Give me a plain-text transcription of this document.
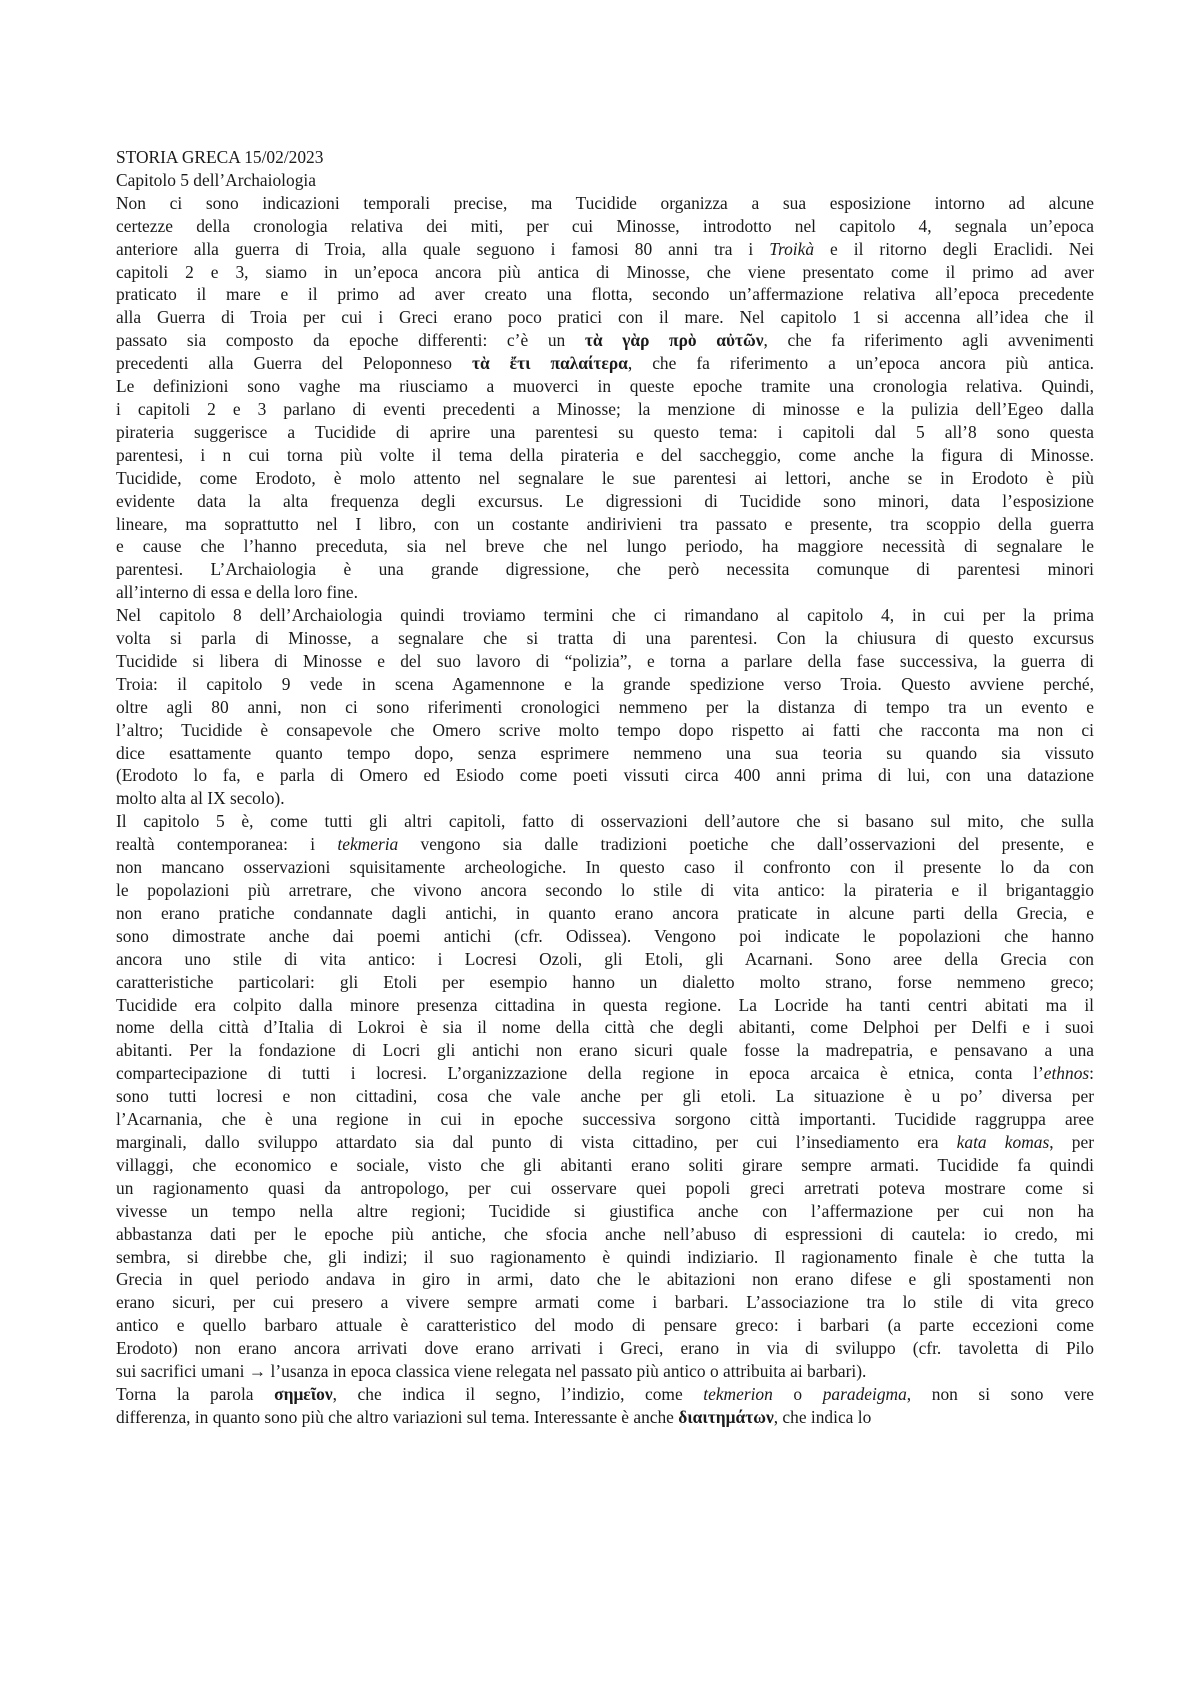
STORIA GRECA 15/02/2023
Capitolo 5 dell’Archaiologia
Non ci sono indicazioni temporali precise, ma Tucidide organizza a sua esposizione intorno ad alcune
certezze della cronologia relativa dei miti, per cui Minosse, introdotto nel capitolo 4, segnala un’epoca
anteriore alla guerra di Troia, alla quale seguono i famosi 80 anni tra i Troikà e il ritorno degli Eraclidi. Nei
capitoli 2 e 3, siamo in un’epoca ancora più antica di Minosse, che viene presentato come il primo ad aver
praticato il mare e il primo ad aver creato una flotta, secondo un’affermazione relativa all’epoca precedente
alla Guerra di Troia per cui i Greci erano poco pratici con il mare. Nel capitolo 1 si accenna all’idea che il
passato sia composto da epoche differenti: c’è un τὰ γὰρ πρὸ αὐτῶν, che fa riferimento agli avvenimenti
precedenti alla Guerra del Peloponneso τὰ ἔτι παλαίτερα, che fa riferimento a un’epoca ancora più antica.
Le definizioni sono vaghe ma riusciamo a muoverci in queste epoche tramite una cronologia relativa. Quindi,
i capitoli 2 e 3 parlano di eventi precedenti a Minosse; la menzione di minosse e la pulizia dell’Egeo dalla
pirateria suggerisce a Tucidide di aprire una parentesi su questo tema: i capitoli dal 5 all’8 sono questa
parentesi, i n cui torna più volte il tema della pirateria e del saccheggio, come anche la figura di Minosse.
Tucidide, come Erodoto, è molo attento nel segnalare le sue parentesi ai lettori, anche se in Erodoto è più
evidente data la alta frequenza degli excursus. Le digressioni di Tucidide sono minori, data l’esposizione
lineare, ma soprattutto nel I libro, con un costante andirivieni tra passato e presente, tra scoppio della guerra
e cause che l’hanno preceduta, sia nel breve che nel lungo periodo, ha maggiore necessità di segnalare le
parentesi. L’Archaiologia è una grande digressione, che però necessita comunque di parentesi minori
all’interno di essa e della loro fine.
Nel capitolo 8 dell’Archaiologia quindi troviamo termini che ci rimandano al capitolo 4, in cui per la prima
volta si parla di Minosse, a segnalare che si tratta di una parentesi. Con la chiusura di questo excursus
Tucidide si libera di Minosse e del suo lavoro di “polizia”, e torna a parlare della fase successiva, la guerra di
Troia: il capitolo 9 vede in scena Agamennone e la grande spedizione verso Troia. Questo avviene perché,
oltre agli 80 anni, non ci sono riferimenti cronologici nemmeno per la distanza di tempo tra un evento e
l’altro; Tucidide è consapevole che Omero scrive molto tempo dopo rispetto ai fatti che racconta ma non ci
dice esattamente quanto tempo dopo, senza esprimere nemmeno una sua teoria su quando sia vissuto
(Erodoto lo fa, e parla di Omero ed Esiodo come poeti vissuti circa 400 anni prima di lui, con una datazione
molto alta al IX secolo).
Il capitolo 5 è, come tutti gli altri capitoli, fatto di osservazioni dell’autore che si basano sul mito, che sulla
realtà contemporanea: i tekmeria vengono sia dalle tradizioni poetiche che dall’osservazioni del presente, e
non mancano osservazioni squisitamente archeologiche. In questo caso il confronto con il presente lo da con
le popolazioni più arretrare, che vivono ancora secondo lo stile di vita antico: la pirateria e il brigantaggio
non erano pratiche condannate dagli antichi, in quanto erano ancora praticate in alcune parti della Grecia, e
sono dimostrate anche dai poemi antichi (cfr. Odissea). Vengono poi indicate le popolazioni che hanno
ancora uno stile di vita antico: i Locresi Ozoli, gli Etoli, gli Acarnani. Sono aree della Grecia con
caratteristiche particolari: gli Etoli per esempio hanno un dialetto molto strano, forse nemmeno greco;
Tucidide era colpito dalla minore presenza cittadina in questa regione. La Locride ha tanti centri abitati ma il
nome della città d’Italia di Lokroi è sia il nome della città che degli abitanti, come Delphoi per Delfi e i suoi
abitanti. Per la fondazione di Locri gli antichi non erano sicuri quale fosse la madrepatria, e pensavano a una
compartecipazione di tutti i locresi. L’organizzazione della regione in epoca arcaica è etnica, conta l’ethnos:
sono tutti locresi e non cittadini, cosa che vale anche per gli etoli. La situazione è u po’ diversa per
l’Acarnania, che è una regione in cui in epoche successiva sorgono città importanti. Tucidide raggruppa aree
marginali, dallo sviluppo attardato sia dal punto di vista cittadino, per cui l’insediamento era kata komas, per
villaggi, che economico e sociale, visto che gli abitanti erano soliti girare sempre armati. Tucidide fa quindi
un ragionamento quasi da antropologo, per cui osservare quei popoli greci arretrati poteva mostrare come si
vivesse un tempo nella altre regioni; Tucidide si giustifica anche con l’affermazione per cui non ha
abbastanza dati per le epoche più antiche, che sfocia anche nell’abuso di espressioni di cautela: io credo, mi
sembra, si direbbe che, gli indizi; il suo ragionamento è quindi indiziario. Il ragionamento finale è che tutta la
Grecia in quel periodo andava in giro in armi, dato che le abitazioni non erano difese e gli spostamenti non
erano sicuri, per cui presero a vivere sempre armati come i barbari. L’associazione tra lo stile di vita greco
antico e quello barbaro attuale è caratteristico del modo di pensare greco: i barbari (a parte eccezioni come
Erodoto) non erano ancora arrivati dove erano arrivati i Greci, erano in via di sviluppo (cfr. tavoletta di Pilo
sui sacrifici umani → l’usanza in epoca classica viene relegata nel passato più antico o attribuita ai barbari).
Torna la parola σημεῖον, che indica il segno, l’indizio, come tekmerion o paradeigma, non si sono vere
differenza, in quanto sono più che altro variazioni sul tema. Interessante è anche διαιτημάτων, che indica lo
